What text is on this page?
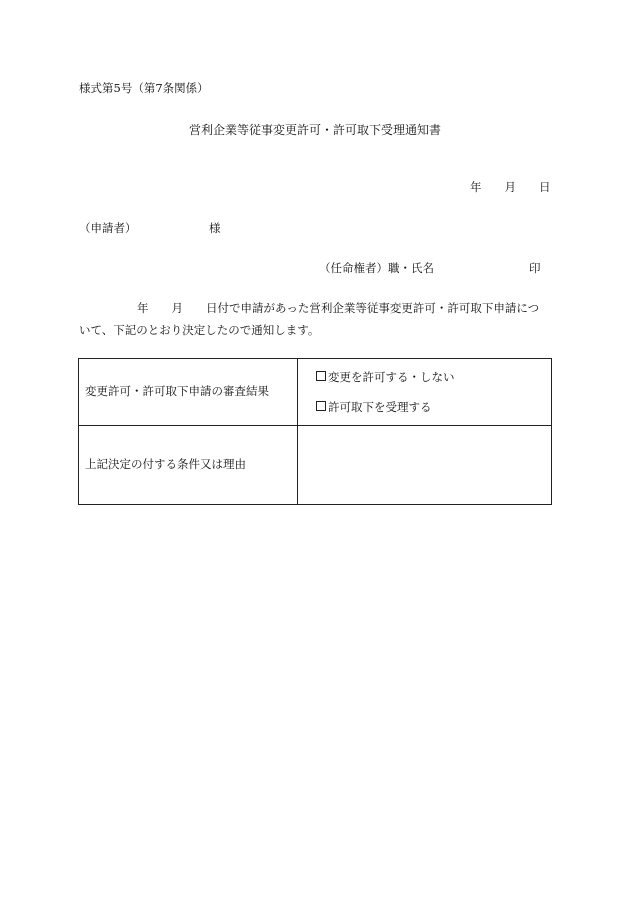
様式第5号（第7条関係）
営利企業等従事変更許可・許可取下受理通知書
年 月 日
（申請者）	様
（任命権者）職・氏名	印
年 月 日付で申請があった営利企業等従事変更許可・許可取下申請につ
いて、下記のとおり決定したので通知します。
変更許可・許可取下申請の審査結果	変更を許可する・しない
許可取下を受理する

上記決定の付する条件又は理由	
